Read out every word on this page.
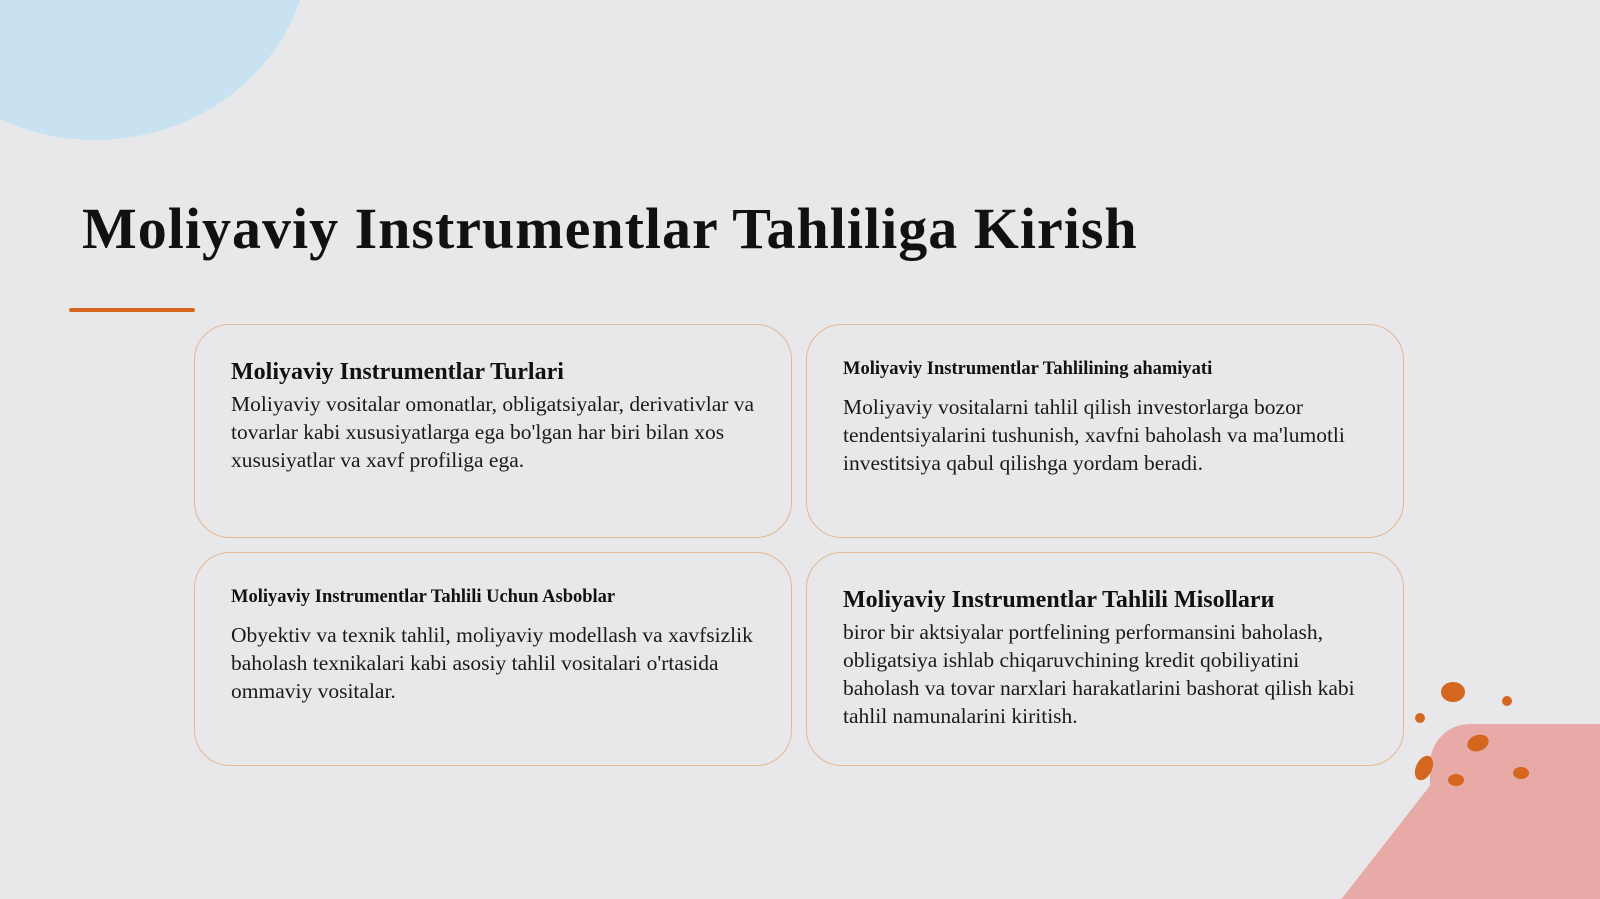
Moliyaviy Instrumentlar Tahliliga Kirish

Moliyaviy Instrumentlar Turlari

Moliyaviy vositalar omonatlar, obligatsiyalar, derivativlar va tovarlar kabi xususiyatlarga ega bo'lgan har biri bilan xos xususiyatlar va xavf profiliga ega.

Moliyaviy Instrumentlar Tahlilining ahamiyati

Moliyaviy vositalarni tahlil qilish investorlarga bozor tendentsiyalarini tushunish, xavfni baholash va ma'lumotli investitsiya qabul qilishga yordam beradi.

Moliyaviy Instrumentlar Tahlili Uchun Asboblar

Obyektiv va texnik tahlil, moliyaviy modellash va xavfsizlik baholash texnikalari kabi asosiy tahlil vositalari o'rtasida ommaviy vositalar.

Moliyaviy Instrumentlar Tahlili Misollarи

biror bir aktsiyalar portfelining performansini baholash, obligatsiya ishlab chiqaruvchining kredit qobiliyatini baholash va tovar narxlari harakatlarini bashorat qilish kabi tahlil namunalarini kiritish.
